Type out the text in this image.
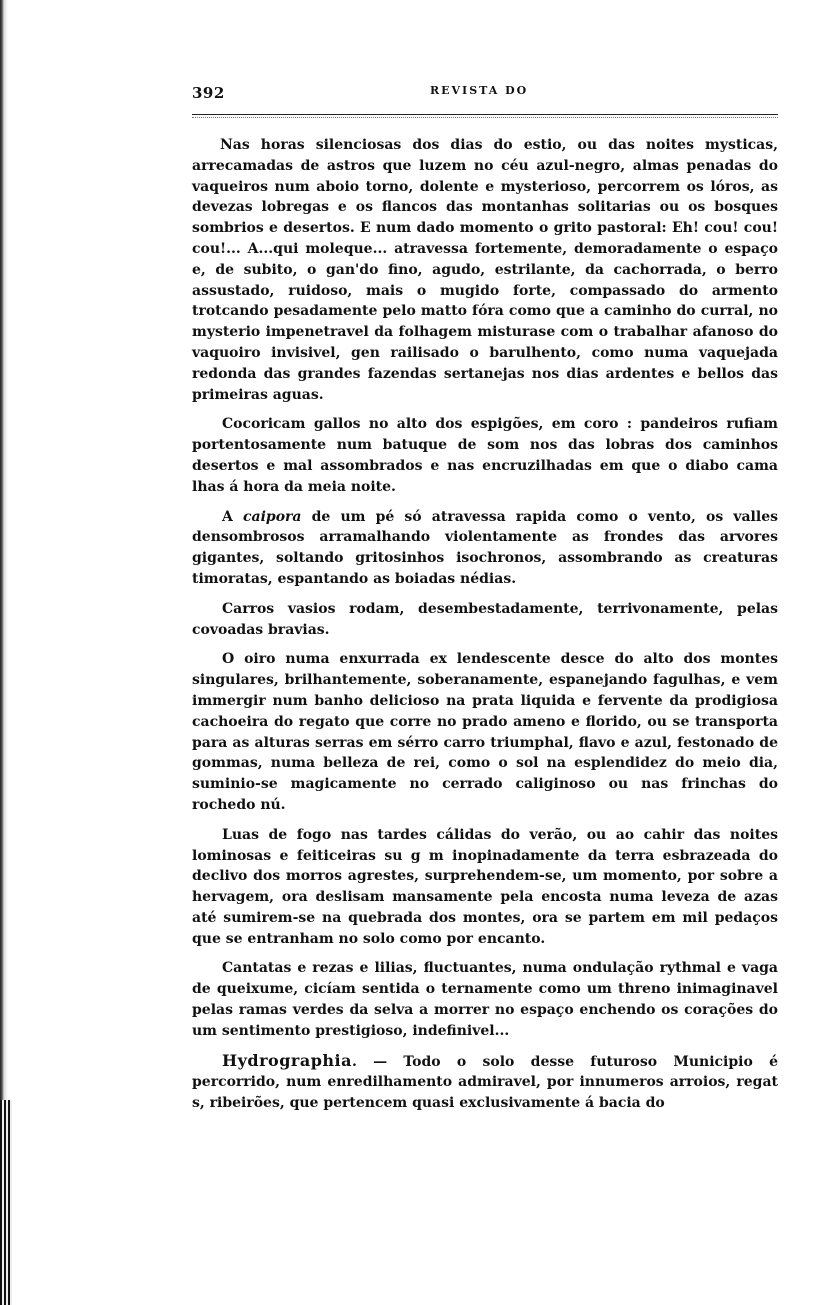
392	REVISTA DO

Nas horas silenciosas dos dias do estio, ou das noites mysticas, arrecamadas de astros que luzem no céu azul-negro, almas penadas do vaqueiros num aboio torno, dolente e mysterioso, percorrem os lóros, as devezas lobregas e os flancos das montanhas solitarias ou os bosques sombrios e desertos. E num dado momento o grito pastoral: Eh! cou! cou! cou!... A...qui moleque... atravessa fortemente, demoradamente o espaço e, de subito, o gan'do fino, agudo, estrilante, da cachorrada, o berro assustado, ruidoso, mais o mugido forte, compassado do armento trotcando pesadamente pelo matto fóra como que a caminho do curral, no mysterio impenetravel da folhagem misturase com o trabalhar afanoso do vaquoiro invisivel, gen railisado o barulhento, como numa vaquejada redonda das grandes fazendas sertanejas nos dias ardentes e bellos das primeiras aguas.

Cocoricam gallos no alto dos espigões, em coro : pandeiros rufiam portentosamente num batuque de som nos das lobras dos caminhos desertos e mal assombrados e nas encruzilhadas em que o diabo cama lhas á hora da meia noite.

A caipora de um pé só atravessa rapida como o vento, os valles densombrosos arramalhando violentamente as frondes das arvores gigantes, soltando gritosinhos isochronos, assombrando as creaturas timoratas, espantando as boiadas nédias.

Carros vasios rodam, desembestadamente, terrivonamente, pelas covoadas bravias.

O oiro numa enxurrada ex lendescente desce do alto dos montes singulares, brilhantemente, soberanamente, espanejando fagulhas, e vem immergir num banho delicioso na prata liquida e fervente da prodigiosa cachoeira do regato que corre no prado ameno e florido, ou se transporta para as alturas serras em sérro carro triumphal, flavo e azul, festonado de gommas, numa belleza de rei, como o sol na esplendidez do meio dia, suminio-se magicamente no cerrado caliginoso ou nas frinchas do rochedo nú.

Luas de fogo nas tardes cálidas do verão, ou ao cahir das noites lominosas e feiticeiras su g m inopinadamente da terra esbrazeada do declivo dos morros agrestes, surprehendem-se, um momento, por sobre a hervagem, ora deslisam mansamente pela encosta numa leveza de azas até sumirem-se na quebrada dos montes, ora se partem em mil pedaços que se entranham no solo como por encanto.

Cantatas e rezas e lilias, fluctuantes, numa ondulação rythmal e vaga de queixume, cicíam sentida o ternamente como um threno inimaginavel pelas ramas verdes da selva a morrer no espaço enchendo os corações do um sentimento prestigioso, indefinivel...

Hydrographia. — Todo o solo desse futuroso Municipio é percorrido, num enredilhamento admiravel, por innumeros arroios, regat s, ribeirões, que pertencem quasi exclusivamente á bacia do
